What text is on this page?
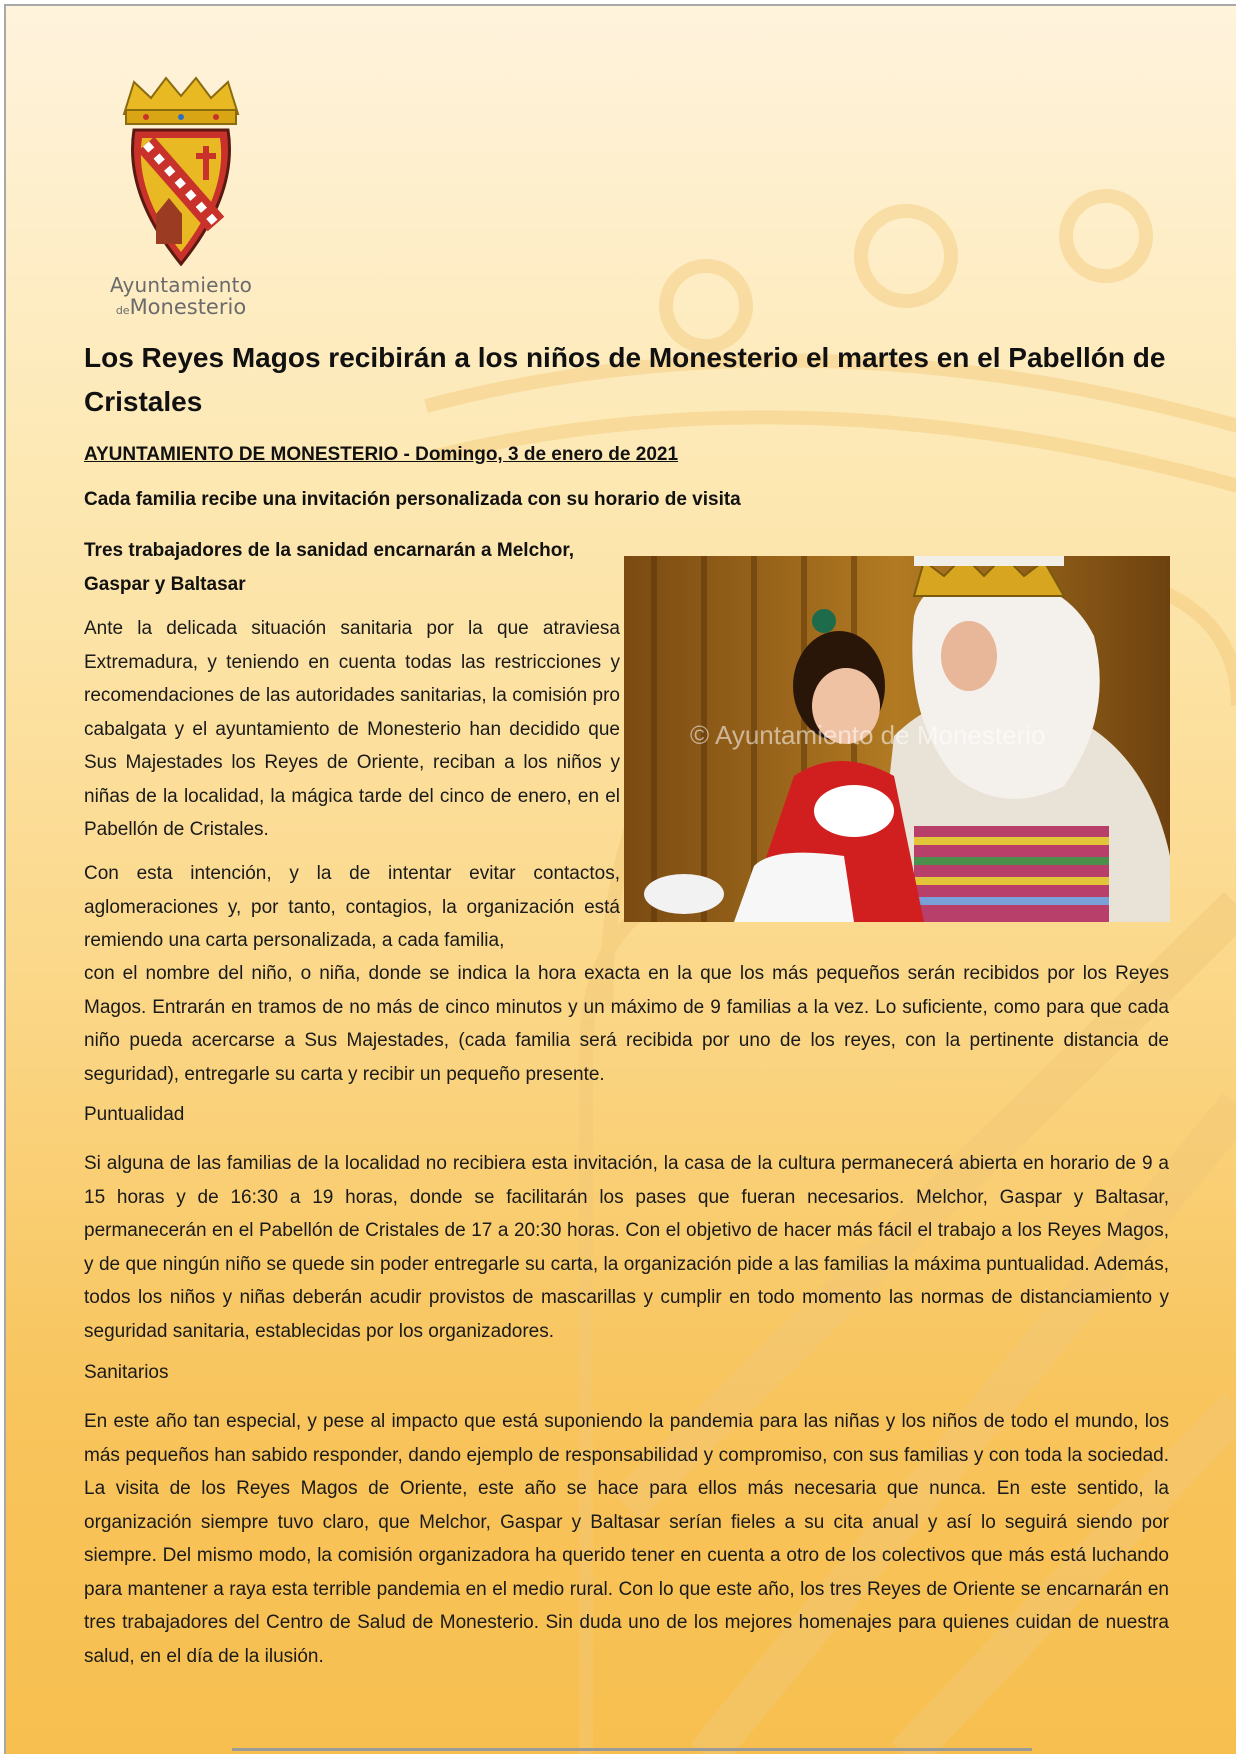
Ayuntamiento
deMonesterio
Los Reyes Magos recibirán a los niños de Monesterio el martes en el Pabellón de Cristales
AYUNTAMIENTO DE MONESTERIO - Domingo, 3 de enero de 2021
Cada familia recibe una invitación personalizada con su horario de visita
Tres trabajadores de la sanidad encarnarán a Melchor, Gaspar y Baltasar

Ante la delicada situación sanitaria por la que atraviesa Extremadura, y teniendo en cuenta todas las restricciones y recomendaciones de las autoridades sanitarias, la comisión pro cabalgata y el ayuntamiento de Monesterio han decidido que Sus Majestades los Reyes de Oriente, reciban a los niños y niñas de la localidad, la mágica tarde del cinco de enero, en el Pabellón de Cristales.

Con esta intención, y la de intentar evitar contactos, aglomeraciones y, por tanto, contagios, la organización está remiendo una carta personalizada, a cada familia,

con el nombre del niño, o niña, donde se indica la hora exacta en la que los más pequeños serán recibidos por los Reyes Magos. Entrarán en tramos de no más de cinco minutos y un máximo de 9 familias a la vez. Lo suficiente, como para que cada niño pueda acercarse a Sus Majestades, (cada familia será recibida por uno de los reyes, con la pertinente distancia de seguridad), entregarle su carta y recibir un pequeño presente.

Puntualidad

Si alguna de las familias de la localidad no recibiera esta invitación, la casa de la cultura permanecerá abierta en horario de 9 a 15 horas y de 16:30 a 19 horas, donde se facilitarán los pases que fueran necesarios. Melchor, Gaspar y Baltasar, permanecerán en el Pabellón de Cristales de 17 a 20:30 horas. Con el objetivo de hacer más fácil el trabajo a los Reyes Magos, y de que ningún niño se quede sin poder entregarle su carta, la organización pide a las familias la máxima puntualidad. Además, todos los niños y niñas deberán acudir provistos de mascarillas y cumplir en todo momento las normas de distanciamiento y seguridad sanitaria, establecidas por los organizadores.

Sanitarios

En este año tan especial, y pese al impacto que está suponiendo la pandemia para las niñas y los niños de todo el mundo, los más pequeños han sabido responder, dando ejemplo de responsabilidad y compromiso, con sus familias y con toda la sociedad. La visita de los Reyes Magos de Oriente, este año se hace para ellos más necesaria que nunca. En este sentido, la organización siempre tuvo claro, que Melchor, Gaspar y Baltasar serían fieles a su cita anual y así lo seguirá siendo por siempre. Del mismo modo, la comisión organizadora ha querido tener en cuenta a otro de los colectivos que más está luchando para mantener a raya esta terrible pandemia en el medio rural. Con lo que este año, los tres Reyes de Oriente se encarnarán en tres trabajadores del Centro de Salud de Monesterio. Sin duda uno de los mejores homenajes para quienes cuidan de nuestra salud, en el día de la ilusión.

© Ayuntamiento de Monesterio
